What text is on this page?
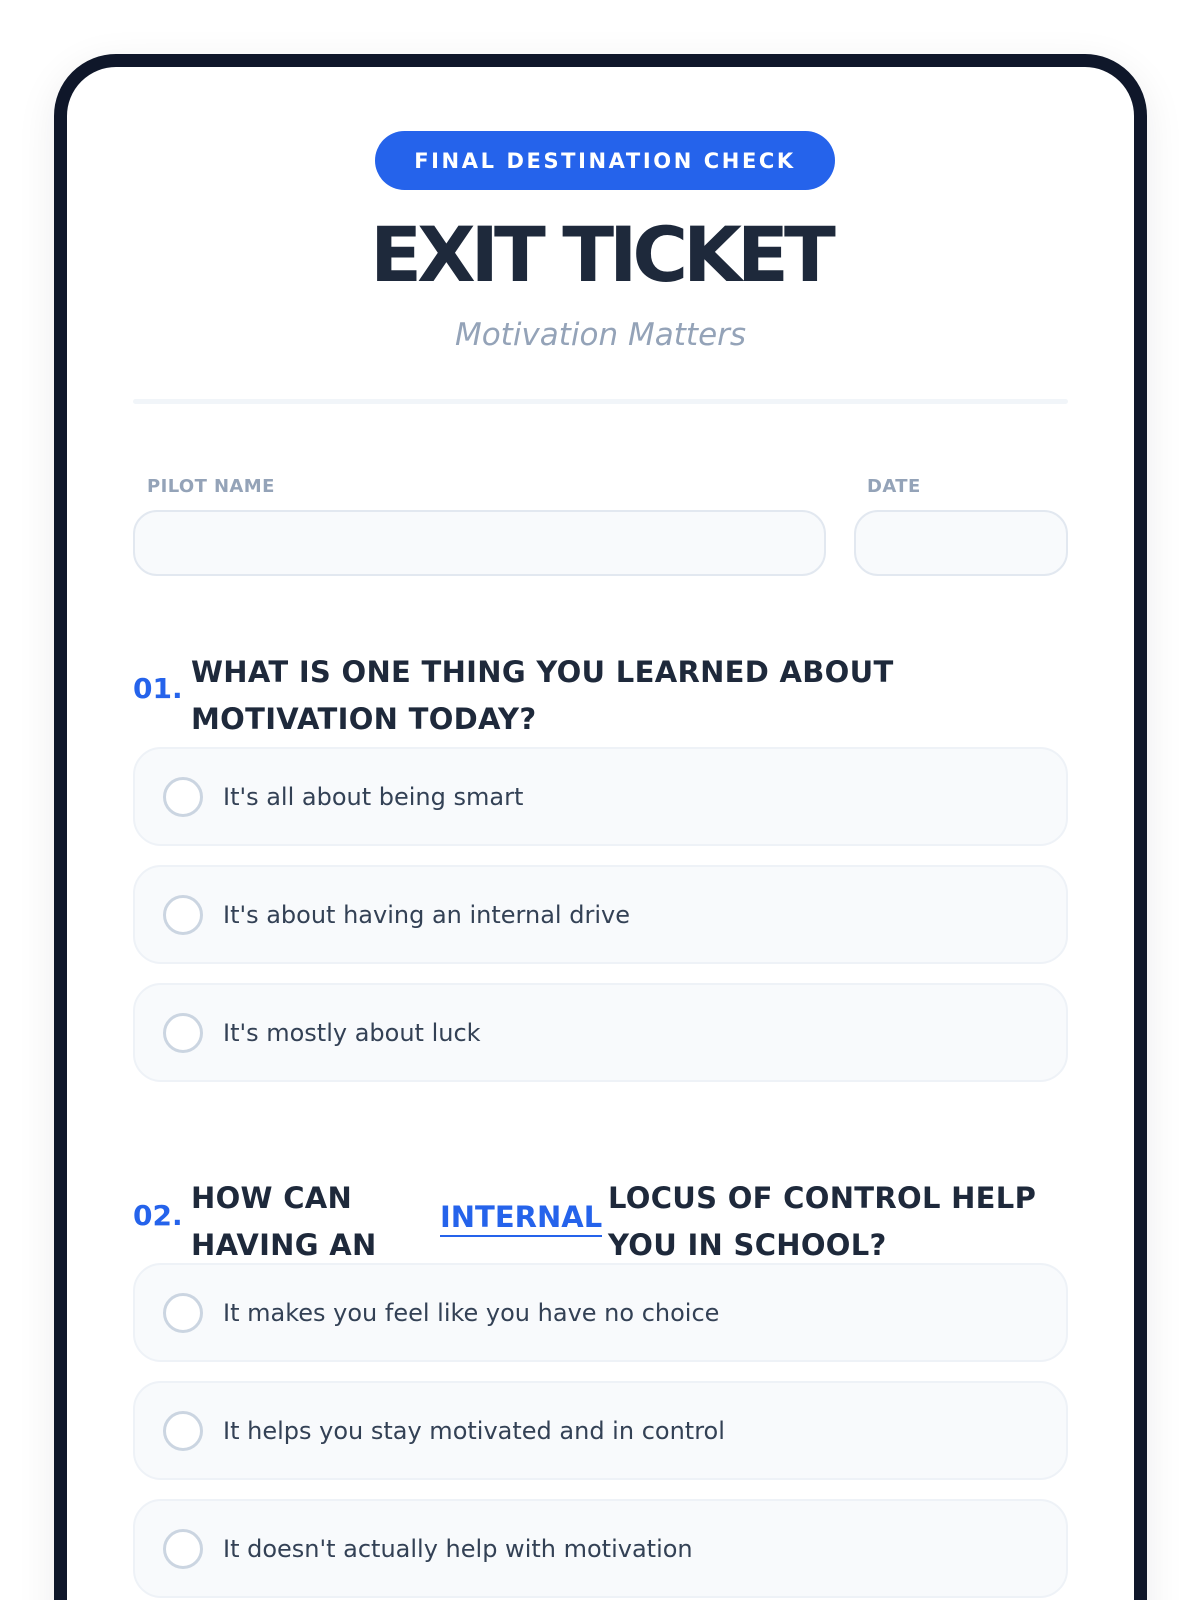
FINAL DESTINATION CHECK
EXIT TICKET
Motivation Matters
PILOT NAME	DATE
01. WHAT IS ONE THING YOU LEARNED ABOUT MOTIVATION TODAY?
It's all about being smart
It's about having an internal drive
It's mostly about luck
02.
HOW CAN HAVING AN
INTERNAL
LOCUS OF CONTROL HELP YOU IN SCHOOL?
It makes you feel like you have no choice
It helps you stay motivated and in control
It doesn't actually help with motivation
